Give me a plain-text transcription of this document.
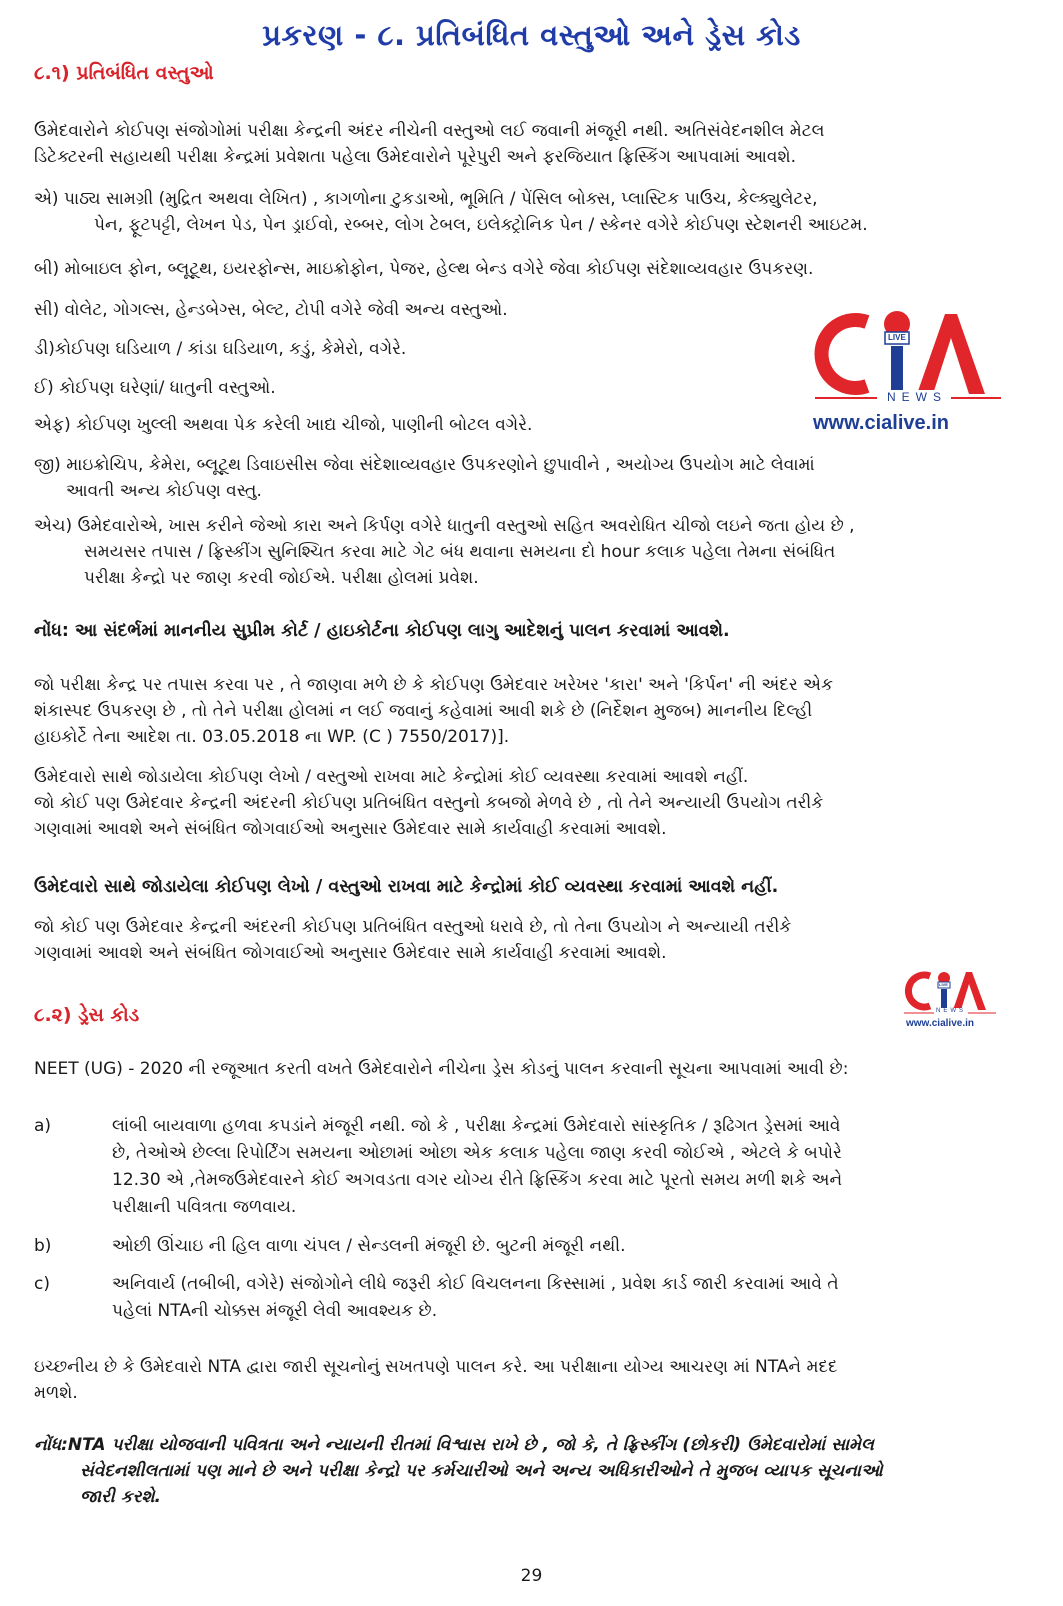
પ્રકરણ - ૮. પ્રતિબંધિત વસ્તુઓ અને ડ્રેસ કોડ
૮.૧) પ્રતિબંધિત વસ્તુઓ

ઉમેદવારોને કોઈપણ સંજોગોમાં પરીક્ષા કેન્દ્રની અંદર નીચેની વસ્તુઓ લઈ જવાની મંજૂરી નથી. અતિસંવેદનશીલ મેટલ
ડિટેક્ટરની સહાયથી પરીક્ષા કેન્દ્રમાં પ્રવેશતા પહેલા ઉમેદવારોને પૂરેપુરી અને ફરજિયાત ફ્રિસ્કિંગ આપવામાં આવશે.

એ) પાઠ્ય સામગ્રી (મુદ્રિત અથવા લેખિત) , કાગળોના ટુકડાઓ, ભૂમિતિ / પેંસિલ બોક્સ, પ્લાસ્ટિક પાઉચ, કેલ્ક્યુલેટર,
પેન, ફૂટપટ્ટી, લેખન પેડ, પેન ડ્રાઈવો, રબ્બર, લોગ ટેબલ, ઇલેક્ટ્રોનિક પેન / સ્કેનર વગેરે કોઈપણ સ્ટેશનરી આઇટમ.

બી) મોબાઇલ ફોન, બ્લૂટૂથ, ઇયરફોન્સ, માઇક્રોફોન, પેજર, હેલ્થ બેન્ડ વગેરે જેવા કોઈપણ સંદેશાવ્યવહાર ઉપકરણ.

સી) વોલેટ, ગોગલ્સ, હેન્ડબેગ્સ, બેલ્ટ, ટોપી વગેરે જેવી અન્ય વસ્તુઓ.

ડી)કોઈપણ ઘડિયાળ / કાંડા ઘડિયાળ, કડું, કેમેરો, વગેરે.

ઈ) કોઈપણ ઘરેણાં/ ધાતુની વસ્તુઓ.

એફ) કોઈપણ ખુલ્લી અથવા પેક કરેલી ખાદ્ય ચીજો, પાણીની બોટલ વગેરે.

જી) માઇક્રોચિપ, કેમેરા, બ્લૂટૂથ ડિવાઇસીસ જેવા સંદેશાવ્યવહાર ઉપકરણોને છુપાવીને , અયોગ્ય ઉપયોગ માટે લેવામાં
આવતી અન્ય કોઈપણ વસ્તુ.

એચ) ઉમેદવારોએ, ખાસ કરીને જેઓ કારા અને કિર્પણ વગેરે ધાતુની વસ્તુઓ સહિત અવરોધિત ચીજો લઇને જતા હોય છે ,
સમયસર તપાસ / ફ્રિસ્કીંગ સુનિશ્ચિત કરવા માટે ગેટ બંધ થવાના સમયના દો hour કલાક પહેલા તેમના સંબંધિત
પરીક્ષા કેન્દ્રો પર જાણ કરવી જોઈએ. પરીક્ષા હોલમાં પ્રવેશ.

નોંધ: આ સંદર્ભમાં માનનીય સુપ્રીમ કોર્ટ / હાઇકોર્ટના કોઈપણ લાગુ આદેશનું પાલન કરવામાં આવશે.

જો પરીક્ષા કેન્દ્ર પર તપાસ કરવા પર , તે જાણવા મળે છે કે કોઈપણ ઉમેદવાર ખરેખર 'કારા' અને 'કિર્પન' ની અંદર એક
શંકાસ્પદ ઉપકરણ છે , તો તેને પરીક્ષા હોલમાં ન લઈ જવાનું કહેવામાં આવી શકે છે (નિર્દેશન મુજબ) માનનીય દિલ્હી
હાઇકોર્ટે તેના આદેશ તા. 03.05.2018 ના WP. (C ) 7550/2017)].

ઉમેદવારો સાથે જોડાયેલા કોઈપણ લેખો / વસ્તુઓ રાખવા માટે કેન્દ્રોમાં કોઈ વ્યવસ્થા કરવામાં આવશે નહીં.
જો કોઈ પણ ઉમેદવાર કેન્દ્રની અંદરની કોઈપણ પ્રતિબંધિત વસ્તુનો કબજો મેળવે છે , તો તેને અન્યાયી ઉપયોગ તરીકે
ગણવામાં આવશે અને સંબંધિત જોગવાઈઓ અનુસાર ઉમેદવાર સામે કાર્યવાહી કરવામાં આવશે.

ઉમેદવારો સાથે જોડાયેલા કોઈપણ લેખો / વસ્તુઓ રાખવા માટે કેન્દ્રોમાં કોઈ વ્યવસ્થા કરવામાં આવશે નહીં.

જો કોઈ પણ ઉમેદવાર કેન્દ્રની અંદરની કોઈપણ પ્રતિબંધિત વસ્તુઓ ધરાવે છે, તો તેના ઉપયોગ ને અન્યાયી તરીકે
ગણવામાં આવશે અને સંબંધિત જોગવાઈઓ અનુસાર ઉમેદવાર સામે કાર્યવાહી કરવામાં આવશે.

૮.૨) ડ્રેસ કોડ

NEET (UG) - 2020 ની રજૂઆત કરતી વખતે ઉમેદવારોને નીચેના ડ્રેસ કોડનું પાલન કરવાની સૂચના આપવામાં આવી છે:

a)	લાંબી બાયવાળા હળવા કપડાંને મંજૂરી નથી. જો કે , પરીક્ષા કેન્દ્રમાં ઉમેદવારો સાંસ્કૃતિક / રૂઢિગત ડ્રેસમાં આવે
છે, તેઓએ છેલ્લા રિપોર્ટિંગ સમયના ઓછામાં ઓછા એક કલાક પહેલા જાણ કરવી જોઈએ , એટલે કે બપોરે
12.30 એ ,તેમજઉમેદવારને કોઈ અગવડતા વગર યોગ્ય રીતે ફ્રિસ્કિંગ કરવા માટે પૂરતો સમય મળી શકે અને
પરીક્ષાની પવિત્રતા જળવાય.
b)	ઓછી ઊંચાઇ ની હિલ વાળા ચંપલ / સેન્ડલની મંજૂરી છે. બુટની મંજૂરી નથી.
c)	અનિવાર્ય (તબીબી, વગેરે) સંજોગોને લીધે જરૂરી કોઈ વિચલનના કિસ્સામાં , પ્રવેશ કાર્ડ જારી કરવામાં આવે તે
પહેલાં NTAની ચોક્કસ મંજૂરી લેવી આવશ્યક છે.

ઇચ્છનીય છે કે ઉમેદવારો NTA દ્વારા જારી સૂચનોનું સખતપણે પાલન કરે. આ પરીક્ષાના યોગ્ય આચરણ માં NTAને મદદ
મળશે.

નોંધ:NTA પરીક્ષા યોજવાની પવિત્રતા અને ન્યાયની રીતમાં વિશ્વાસ રાખે છે , જો કે, તે ફ્રિસ્કીંગ (છોકરી) ઉમેદવારોમાં સામેલ
સંવેદનશીલતામાં પણ માને છે અને પરીક્ષા કેન્દ્રો પર કર્મચારીઓ અને અન્ય અધિકારીઓને તે મુજબ વ્યાપક સૂચનાઓ
જારી કરશે.
29
LIVE
NEWS
www.cialive.in
LIVE
NEWS
www.cialive.in
